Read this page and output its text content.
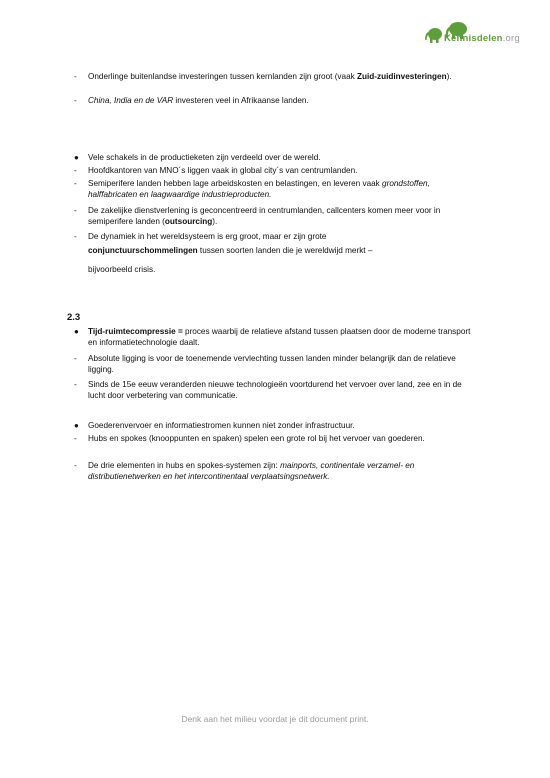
Kennisdelen.org
- Onderlinge buitenlandse investeringen tussen kernlanden zijn groot (vaak Zuid-zuidinvesteringen).
- China, India en de VAR investeren veel in Afrikaanse landen.
● Vele schakels in de productieketen zijn verdeeld over de wereld.
- Hoofdkantoren van MNO´s liggen vaak in global city´s van centrumlanden.
- Semiperifere landen hebben lage arbeidskosten en belastingen, en leveren vaak grondstoffen, halffabricaten en laagwaardige industrieproducten.
- De zakelijke dienstverlening is geconcentreerd in centrumlanden, callcenters komen meer voor in semiperifere landen (outsourcing).
- De dynamiek in het wereldsysteem is erg groot, maar er zijn grote
conjunctuurschommelingen tussen soorten landen die je wereldwijd merkt –
bijvoorbeeld crisis.
2.3
● Tijd-ruimtecompressie = proces waarbij de relatieve afstand tussen plaatsen door de moderne transport en informatietechnologie daalt.
- Absolute ligging is voor de toenemende vervlechting tussen landen minder belangrijk dan de relatieve ligging.
- Sinds de 15e eeuw veranderden nieuwe technologieën voortdurend het vervoer over land, zee en in de lucht door verbetering van communicatie.
● Goederenvervoer en informatiestromen kunnen niet zonder infrastructuur.
- Hubs en spokes (knooppunten en spaken) spelen een grote rol bij het vervoer van goederen.
- De drie elementen in hubs en spokes-systemen zijn: mainports, continentale verzamel- en distributienetwerken en het intercontinentaal verplaatsingsnetwerk.
Denk aan het milieu voordat je dit document print.
